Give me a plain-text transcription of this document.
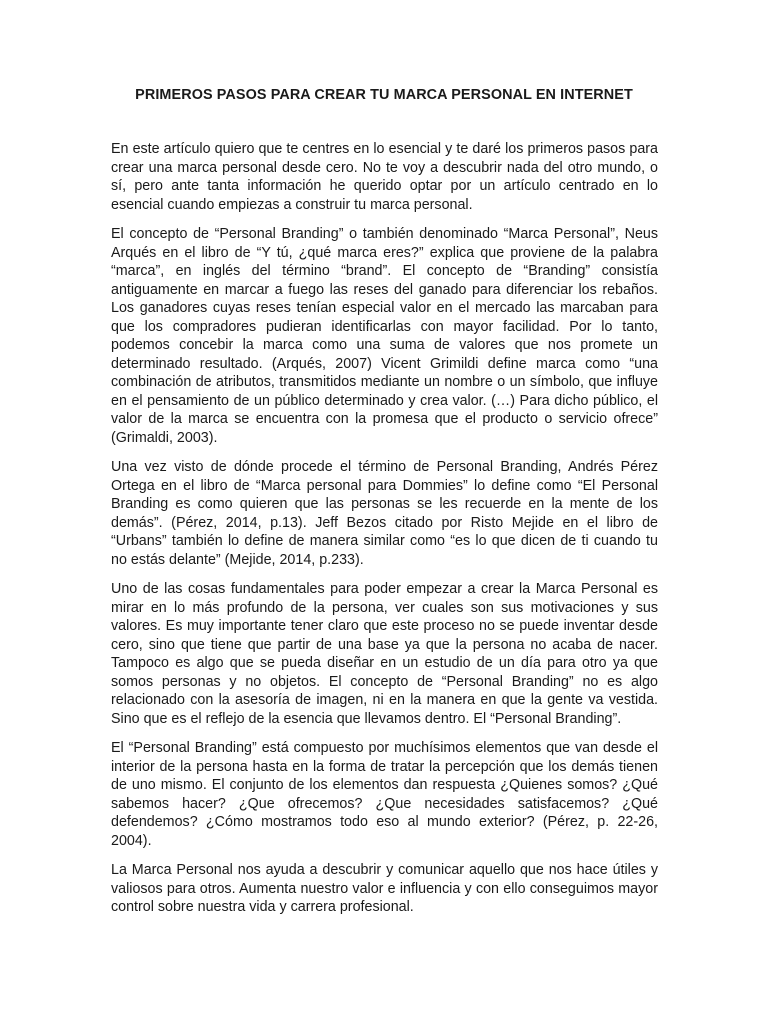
PRIMEROS PASOS PARA CREAR TU MARCA PERSONAL EN INTERNET

En este artículo quiero que te centres en lo esencial y te daré los primeros pasos para crear una marca personal desde cero. No te voy a descubrir nada del otro mundo, o sí, pero ante tanta información he querido optar por un artículo centrado en lo esencial cuando empiezas a construir tu marca personal.

El concepto de “Personal Branding” o también denominado “Marca Personal”, Neus Arqués en el libro de “Y tú, ¿qué marca eres?” explica que proviene de la palabra “marca”, en inglés del término “brand”. El concepto de “Branding” consistía antiguamente en marcar a fuego las reses del ganado para diferenciar los rebaños. Los ganadores cuyas reses tenían especial valor en el mercado las marcaban para que los compradores pudieran identificarlas con mayor facilidad. Por lo tanto, podemos concebir la marca como una suma de valores que nos promete un determinado resultado. (Arqués, 2007) Vicent Grimildi define marca como “una combinación de atributos, transmitidos mediante un nombre o un símbolo, que influye en el pensamiento de un público determinado y crea valor. (…) Para dicho público, el valor de la marca se encuentra con la promesa que el producto o servicio ofrece” (Grimaldi, 2003).

Una vez visto de dónde procede el término de Personal Branding, Andrés Pérez Ortega en el libro de “Marca personal para Dommies” lo define como “El Personal Branding es como quieren que las personas se les recuerde en la mente de los demás”. (Pérez, 2014, p.13). Jeff Bezos citado por Risto Mejide en el libro de “Urbans” también lo define de manera similar como “es lo que dicen de ti cuando tu no estás delante” (Mejide, 2014, p.233).

Uno de las cosas fundamentales para poder empezar a crear la Marca Personal es mirar en lo más profundo de la persona, ver cuales son sus motivaciones y sus valores. Es muy importante tener claro que este proceso no se puede inventar desde cero, sino que tiene que partir de una base ya que la persona no acaba de nacer. Tampoco es algo que se pueda diseñar en un estudio de un día para otro ya que somos personas y no objetos. El concepto de “Personal Branding” no es algo relacionado con la asesoría de imagen, ni en la manera en que la gente va vestida. Sino que es el reflejo de la esencia que llevamos dentro. El “Personal Branding”.

El “Personal Branding” está compuesto por muchísimos elementos que van desde el interior de la persona hasta en la forma de tratar la percepción que los demás tienen de uno mismo. El conjunto de los elementos dan respuesta ¿Quienes somos? ¿Qué sabemos hacer? ¿Que ofrecemos? ¿Que necesidades satisfacemos? ¿Qué defendemos? ¿Cómo mostramos todo eso al mundo exterior? (Pérez, p. 22-26, 2004).

La Marca Personal nos ayuda a descubrir y comunicar aquello que nos hace útiles y valiosos para otros. Aumenta nuestro valor e influencia y con ello conseguimos mayor control sobre nuestra vida y carrera profesional.
